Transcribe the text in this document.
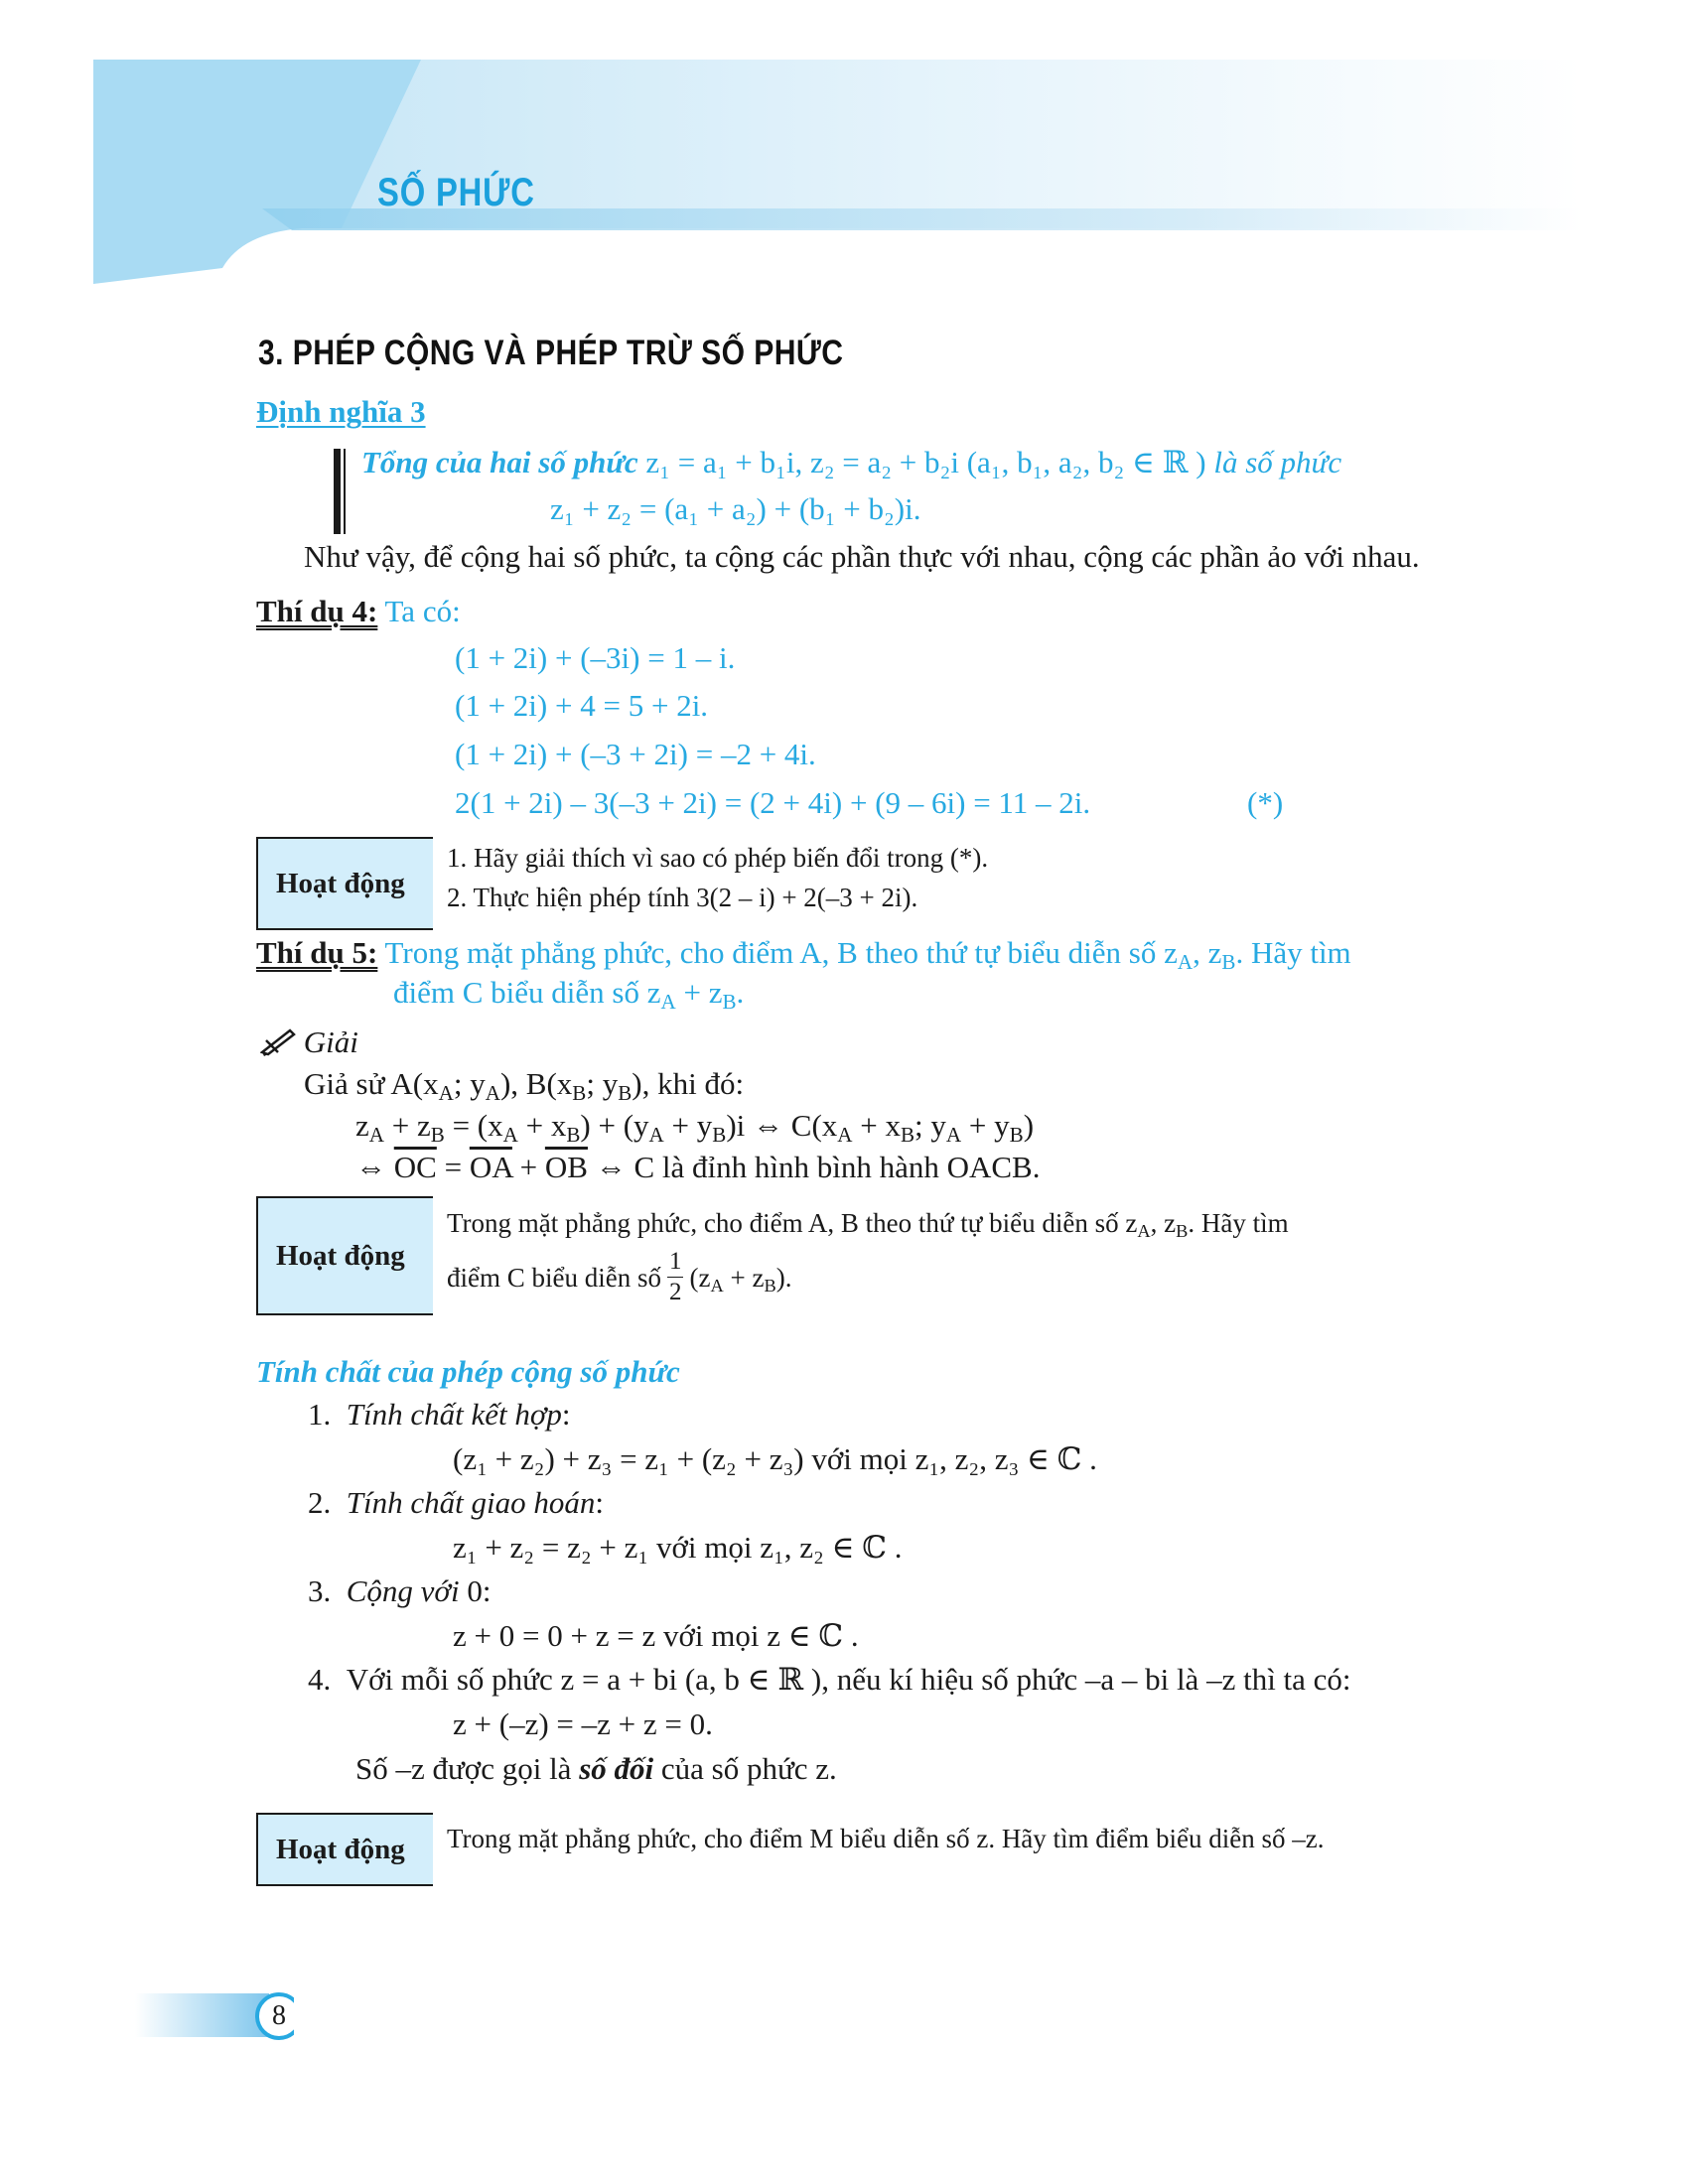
SỐ PHỨC
3. PHÉP CỘNG VÀ PHÉP TRỪ SỐ PHỨC
Định nghĩa 3
Tổng của hai số phức z₁ = a₁ + b₁i, z₂ = a₂ + b₂i (a₁, b₁, a₂, b₂ ∈ ℝ ) là số phức
z₁ + z₂ = (a₁ + a₂) + (b₁ + b₂)i.
Như vậy, để cộng hai số phức, ta cộng các phần thực với nhau, cộng các phần ảo với nhau.
Thí dụ 4: Ta có:
(1 + 2i) + (–3i) = 1 – i.
(1 + 2i) + 4 = 5 + 2i.
(1 + 2i) + (–3 + 2i) = –2 + 4i.
2(1 + 2i) – 3(–3 + 2i) = (2 + 4i) + (9 – 6i) = 11 – 2i.	(*)
Hoạt động
1. Hãy giải thích vì sao có phép biến đổi trong (*).
2. Thực hiện phép tính 3(2 – i) + 2(–3 + 2i).
Thí dụ 5: Trong mặt phẳng phức, cho điểm A, B theo thứ tự biểu diễn số $z_A$, $z_B$. Hãy tìm
điểm C biểu diễn số $z_A + z_B$.
Giải
Giả sử $A(x_A$; $y_A$), $B(x_B$; $y_B$), khi đó:
$z_A + z_B = (x_A + x_B) + (y_A + y_B)i$ ⇔ $C(x_A + x_B$; $y_A + y_B$)
⇔ $\overline{OC} = \overline{OA} + \overline{OB}$ ⇔ C là đỉnh hình bình hành OACB.
Hoạt động
Trong mặt phẳng phức, cho điểm A, B theo thứ tự biểu diễn số $z_A$, $z_B$. Hãy tìm
điểm C biểu diễn số $\frac{1}{2} (z_A + z_B)$.
Tính chất của phép cộng số phức
1. Tính chất kết hợp:
(z₁ + z₂) + z₃ = z₁ + (z₂ + z₃) với mọi z₁, z₂, z₃ ∈ ℂ .
2. Tính chất giao hoán:
z₁ + z₂ = z₂ + z₁ với mọi z₁, z₂ ∈ ℂ .
3. Cộng với 0:
z + 0 = 0 + z = z với mọi z ∈ ℂ .
4. Với mỗi số phức z = a + bi (a, b ∈ ℝ ), nếu kí hiệu số phức –a – bi là –z thì ta có:
z + (–z) = –z + z = 0.
Số –z được gọi là số đối của số phức z.
Hoạt động Trong mặt phẳng phức, cho điểm M biểu diễn số z. Hãy tìm điểm biểu diễn số –z.
8
